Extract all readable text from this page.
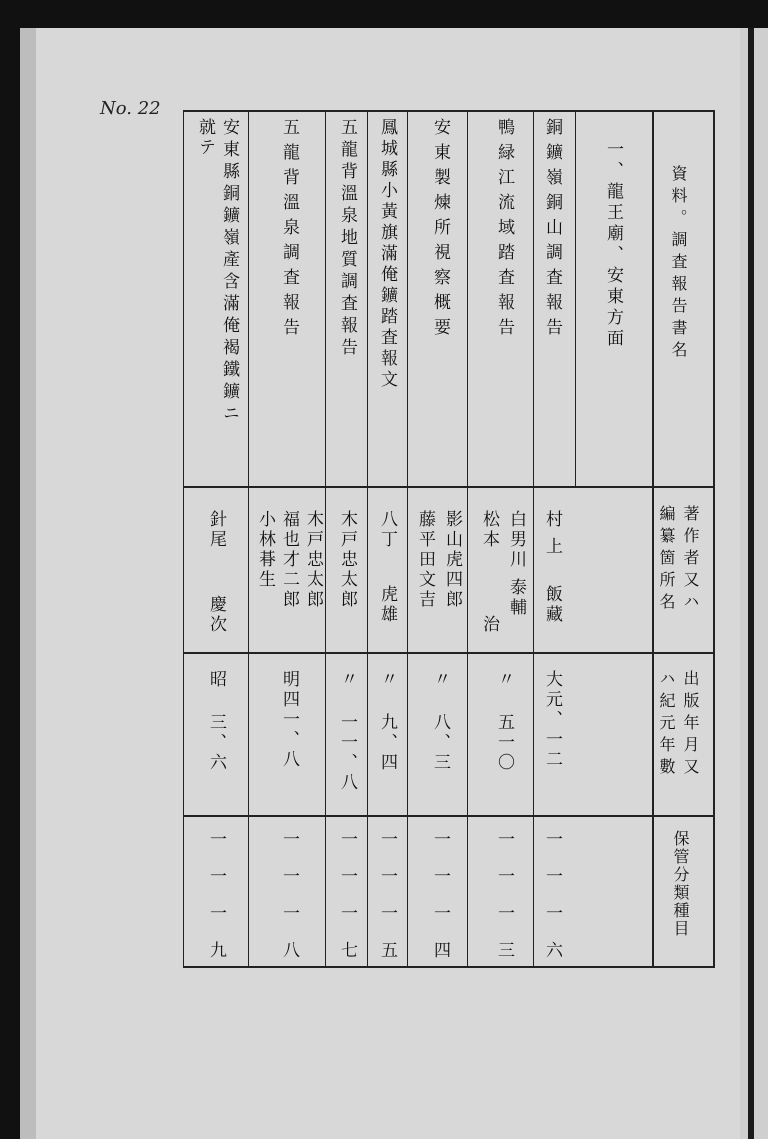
No. 22
資料。調査報告書名
著作者又ハ
編纂箇所名
出版年月又
ハ紀元年數
保管分類種目
一、龍王廟、安東方面
銅鑛嶺銅山調査報告
村上
飯藏
大元、一二
一一一六
鴨緑江流域踏査報告
白男川
松本
泰輔
治
〃 五一〇
一一一三
安東製煉所視察概要
影山虎四郎
藤平田文吉
〃 八、三
一一一四
鳳城縣小黃旗滿俺鑛踏査報文
八丁
虎雄
〃 九、四
一一一五
五龍背溫泉地質調査報告
木戸忠太郎
〃 一一、八
一一一七
五龍背溫泉調査報告
木戸忠太郎
福也才二郎
小林朞生
明四一、八
一一一八
安東縣銅鑛嶺產含滿俺褐鐵鑛ニ
就テ
針尾
慶次
昭 三、六
一一一九
